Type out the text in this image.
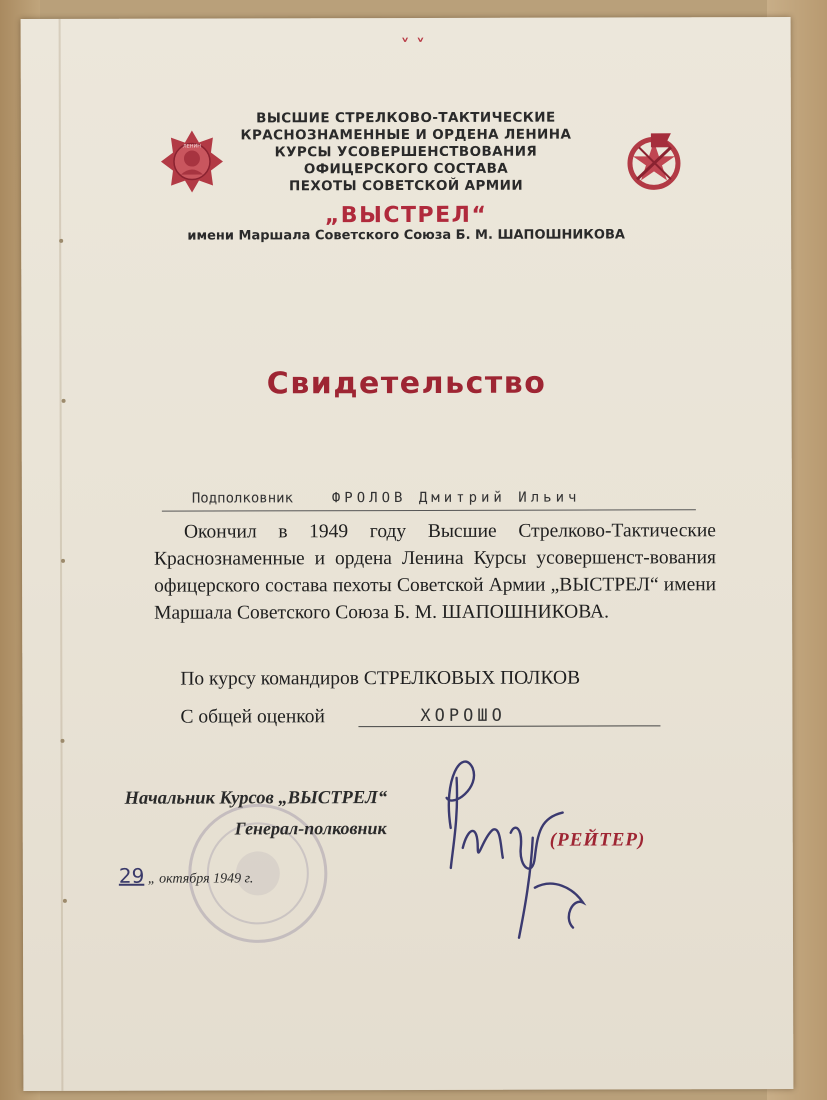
˅ ˅
ЛЕНИН
ВЫСШИЕ СТРЕЛКОВО-ТАКТИЧЕСКИЕ
КРАСНОЗНАМЕННЫЕ И ОРДЕНА ЛЕНИНА
КУРСЫ УСОВЕРШЕНСТВОВАНИЯ
ОФИЦЕРСКОГО СОСТАВА
ПЕХОТЫ СОВЕТСКОЙ АРМИИ
„ВЫСТРЕЛ“
имени Маршала Советского Союза Б. М. ШАПОШНИКОВА
Свидетельство
Подполковник	ФРОЛОВ Дмитрий Ильич
Окончил в 1949 году Высшие Стрелково-Тактические Краснознаменные и ордена Ленина Курсы усовершенст-вования офицерского состава пехоты Советской Армии „ВЫСТРЕЛ“ имени Маршала Советского Союза Б. М. ШАПОШНИКОВА.
По курсу командиров СТРЕЛКОВЫХ ПОЛКОВ
С общей оценкой	ХОРОШО
Начальник Курсов „ВЫСТРЕЛ“
Генерал-полковник
(РЕЙТЕР)
29 „ октября 1949 г.
